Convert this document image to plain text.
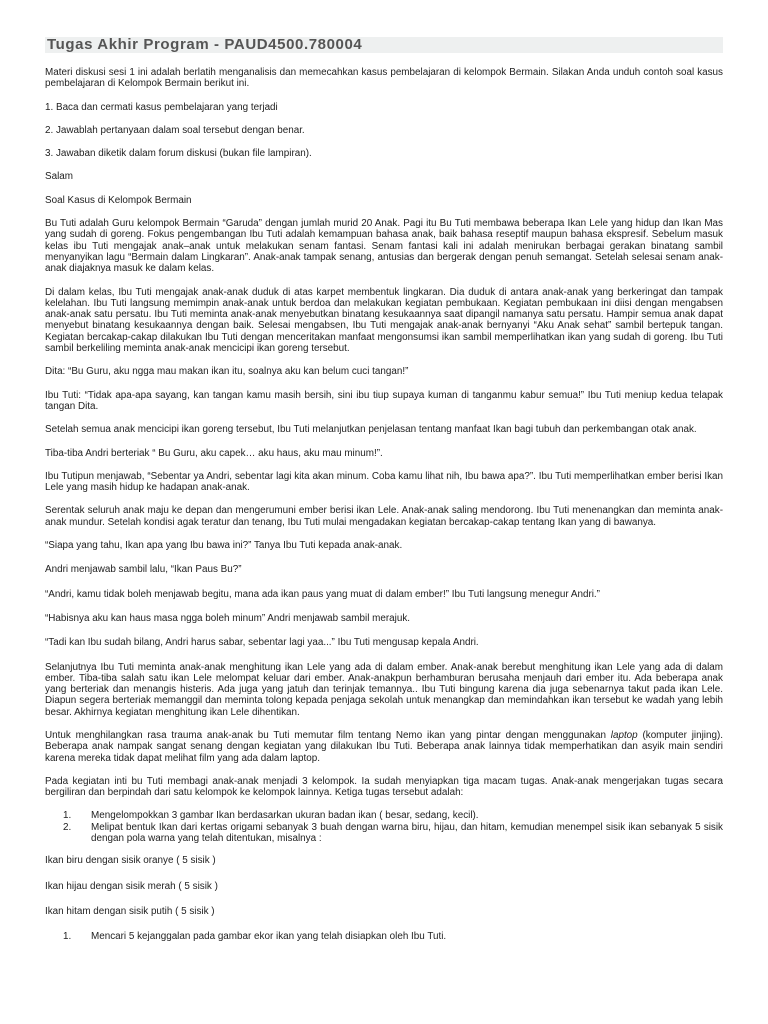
Tugas Akhir Program - PAUD4500.780004

Materi diskusi sesi 1 ini adalah berlatih menganalisis dan memecahkan kasus pembelajaran di kelompok Bermain. Silakan Anda unduh contoh soal kasus pembelajaran di Kelompok Bermain berikut ini.

1. Baca dan cermati kasus pembelajaran yang terjadi

2. Jawablah pertanyaan dalam soal tersebut dengan benar.

3. Jawaban diketik dalam forum diskusi (bukan file lampiran).

Salam

Soal Kasus di Kelompok Bermain

Bu Tuti adalah Guru kelompok Bermain “Garuda” dengan jumlah murid 20 Anak. Pagi itu Bu Tuti membawa beberapa Ikan Lele yang hidup dan Ikan Mas yang sudah di goreng. Fokus pengembangan Ibu Tuti adalah kemampuan bahasa anak, baik bahasa reseptif maupun bahasa ekspresif. Sebelum masuk kelas ibu Tuti mengajak anak–anak untuk melakukan senam fantasi. Senam fantasi kali ini adalah menirukan berbagai gerakan binatang sambil menyanyikan lagu “Bermain dalam Lingkaran”. Anak-anak tampak senang, antusias dan bergerak dengan penuh semangat. Setelah selesai senam anak-anak diajaknya masuk ke dalam kelas.

Di dalam kelas, Ibu Tuti mengajak anak-anak duduk di atas karpet membentuk lingkaran. Dia duduk di antara anak-anak yang berkeringat dan tampak kelelahan. Ibu Tuti langsung memimpin anak-anak untuk berdoa dan melakukan kegiatan pembukaan. Kegiatan pembukaan ini diisi dengan mengabsen anak-anak satu persatu. Ibu Tuti meminta anak-anak menyebutkan binatang kesukaannya saat dipangil namanya satu persatu. Hampir semua anak dapat menyebut binatang kesukaannya dengan baik. Selesai mengabsen, Ibu Tuti mengajak anak-anak bernyanyi “Aku Anak sehat” sambil bertepuk tangan. Kegiatan bercakap-cakap dilakukan Ibu Tuti dengan menceritakan manfaat mengonsumsi ikan sambil memperlihatkan ikan yang sudah di goreng. Ibu Tuti sambil berkeliling meminta anak-anak mencicipi ikan goreng tersebut.

Dita: “Bu Guru, aku ngga mau makan ikan itu, soalnya aku kan belum cuci tangan!”

Ibu Tuti: “Tidak apa-apa sayang, kan tangan kamu masih bersih, sini ibu tiup supaya kuman di tanganmu kabur semua!” Ibu Tuti meniup kedua telapak tangan Dita.

Setelah semua anak mencicipi ikan goreng tersebut, Ibu Tuti melanjutkan penjelasan tentang manfaat Ikan bagi tubuh dan perkembangan otak anak.

Tiba-tiba Andri berteriak “ Bu Guru, aku capek… aku haus, aku mau minum!”.

Ibu Tutipun menjawab, “Sebentar ya Andri, sebentar lagi kita akan minum. Coba kamu lihat nih, Ibu bawa apa?”. Ibu Tuti memperlihatkan ember berisi Ikan Lele yang masih hidup ke hadapan anak-anak.

Serentak seluruh anak maju ke depan dan mengerumuni ember berisi ikan Lele. Anak-anak saling mendorong. Ibu Tuti menenangkan dan meminta anak-anak mundur. Setelah kondisi agak teratur dan tenang, Ibu Tuti mulai mengadakan kegiatan bercakap-cakap tentang Ikan yang di bawanya.

“Siapa yang tahu, Ikan apa yang Ibu bawa ini?” Tanya Ibu Tuti kepada anak-anak.

Andri menjawab sambil lalu, “Ikan Paus Bu?”

“Andri, kamu tidak boleh menjawab begitu, mana ada ikan paus yang muat di dalam ember!” Ibu Tuti langsung menegur Andri.”

“Habisnya aku kan haus masa ngga boleh minum” Andri menjawab sambil merajuk.

“Tadi kan Ibu sudah bilang, Andri harus sabar, sebentar lagi yaa...” Ibu Tuti mengusap kepala Andri.

Selanjutnya Ibu Tuti meminta anak-anak menghitung ikan Lele yang ada di dalam ember. Anak-anak berebut menghitung ikan Lele yang ada di dalam ember. Tiba-tiba salah satu ikan Lele melompat keluar dari ember. Anak-anakpun berhamburan berusaha menjauh dari ember itu. Ada beberapa anak yang berteriak dan menangis histeris. Ada juga yang jatuh dan terinjak temannya.. Ibu Tuti bingung karena dia juga sebenarnya takut pada ikan Lele. Diapun segera berteriak memanggil dan meminta tolong kepada penjaga sekolah untuk menangkap dan memindahkan ikan tersebut ke wadah yang lebih besar. Akhirnya kegiatan menghitung ikan Lele dihentikan.

Untuk menghilangkan rasa trauma anak-anak bu Tuti memutar film tentang Nemo ikan yang pintar dengan menggunakan laptop (komputer jinjing). Beberapa anak nampak sangat senang dengan kegiatan yang dilakukan Ibu Tuti. Beberapa anak lainnya tidak memperhatikan dan asyik main sendiri karena mereka tidak dapat melihat film yang ada dalam laptop.

Pada kegiatan inti bu Tuti membagi anak-anak menjadi 3 kelompok. Ia sudah menyiapkan tiga macam tugas. Anak-anak mengerjakan tugas secara bergiliran dan berpindah dari satu kelompok ke kelompok lainnya. Ketiga tugas tersebut adalah:

1.	Mengelompokkan 3 gambar Ikan berdasarkan ukuran badan ikan ( besar, sedang, kecil).
2.	Melipat bentuk Ikan dari kertas origami sebanyak 3 buah dengan warna biru, hijau, dan hitam, kemudian menempel sisik ikan sebanyak 5 sisik dengan pola warna yang telah ditentukan, misalnya :

Ikan biru dengan sisik oranye ( 5 sisik )

Ikan hijau dengan sisik merah ( 5 sisik )

Ikan hitam dengan sisik putih ( 5 sisik )

1.	Mencari 5 kejanggalan pada gambar ekor ikan yang telah disiapkan oleh Ibu Tuti.
